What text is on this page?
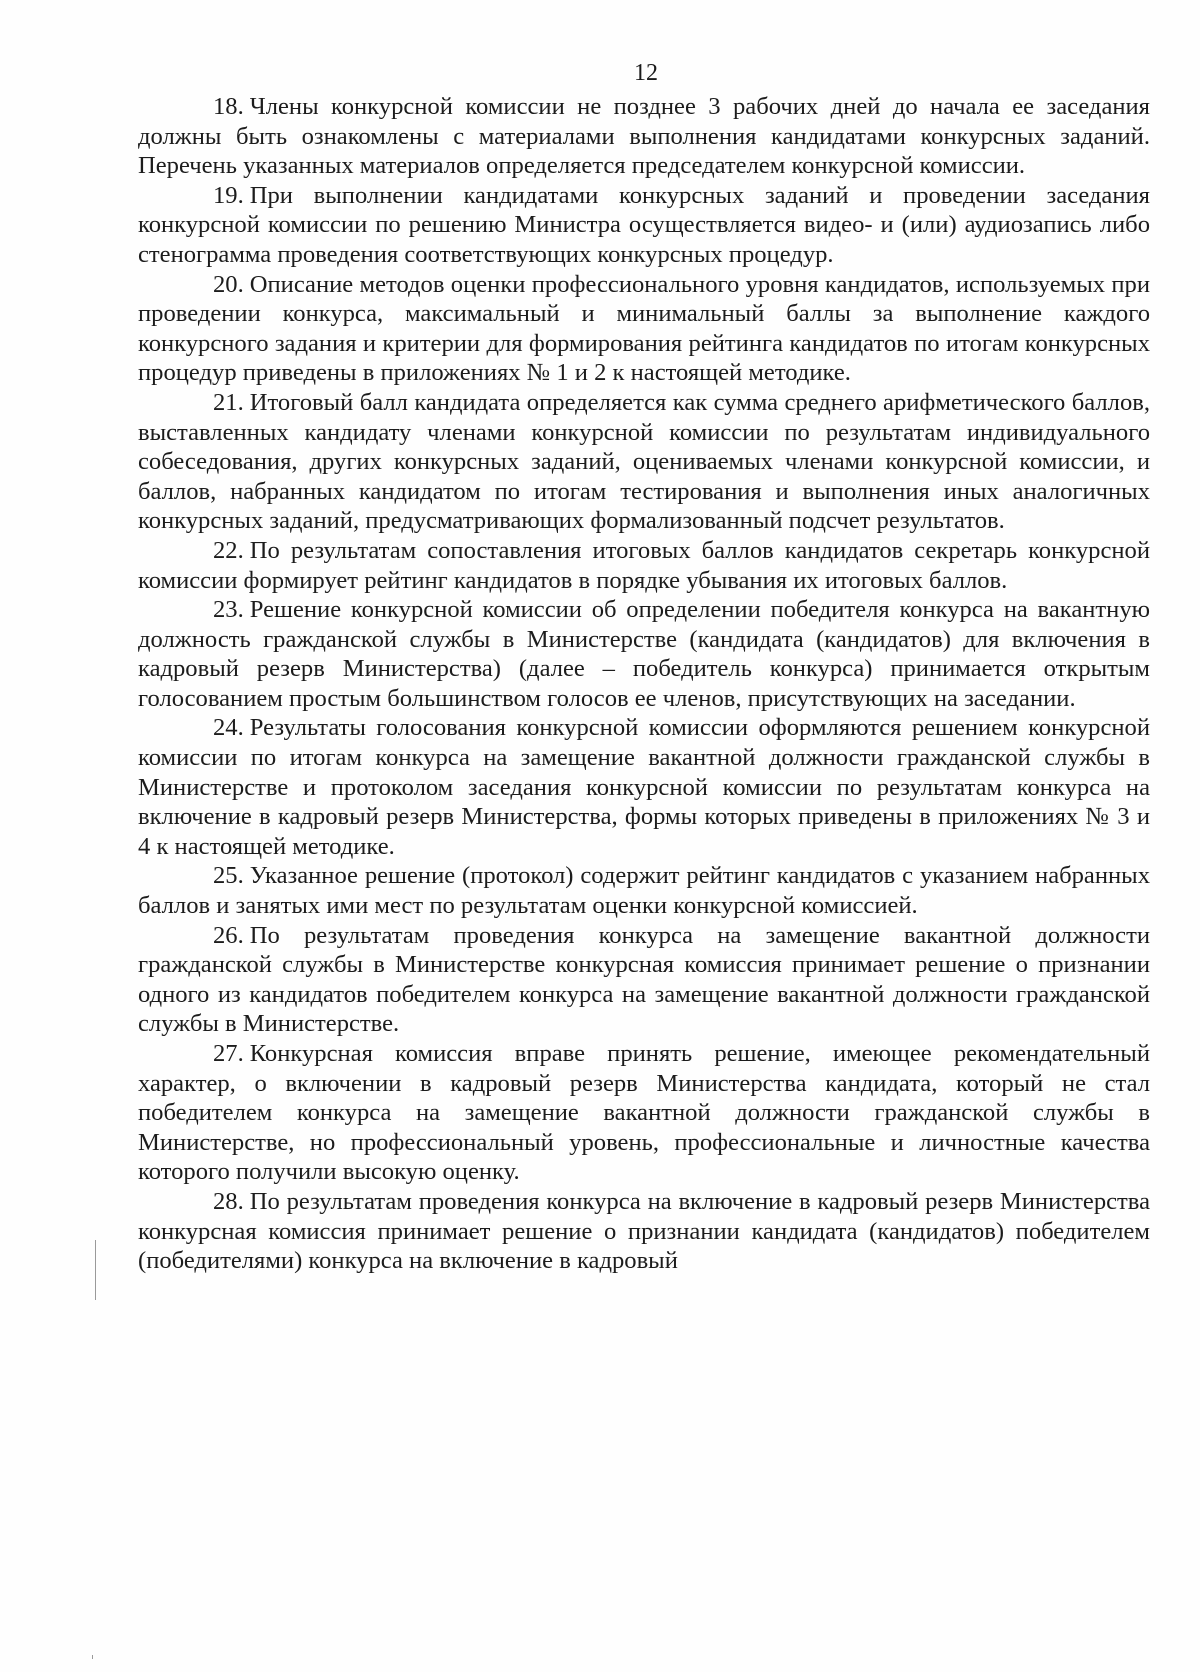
12

18. Члены конкурсной комиссии не позднее 3 рабочих дней до начала ее заседания должны быть ознакомлены с материалами выполнения кандидатами конкурсных заданий. Перечень указанных материалов определяется председателем конкурсной комиссии.

19. При выполнении кандидатами конкурсных заданий и проведении заседания конкурсной комиссии по решению Министра осуществляется видео- и (или) аудиозапись либо стенограмма проведения соответствующих конкурсных процедур.

20. Описание методов оценки профессионального уровня кандидатов, используемых при проведении конкурса, максимальный и минимальный баллы за выполнение каждого конкурсного задания и критерии для формирования рейтинга кандидатов по итогам конкурсных процедур приведены в приложениях № 1 и 2 к настоящей методике.

21. Итоговый балл кандидата определяется как сумма среднего арифметического баллов, выставленных кандидату членами конкурсной комиссии по результатам индивидуального собеседования, других конкурсных заданий, оцениваемых членами конкурсной комиссии, и баллов, набранных кандидатом по итогам тестирования и выполнения иных аналогичных конкурсных заданий, предусматривающих формализованный подсчет результатов.

22. По результатам сопоставления итоговых баллов кандидатов секретарь конкурсной комиссии формирует рейтинг кандидатов в порядке убывания их итоговых баллов.

23. Решение конкурсной комиссии об определении победителя конкурса на вакантную должность гражданской службы в Министерстве (кандидата (кандидатов) для включения в кадровый резерв Министерства) (далее – победитель конкурса) принимается открытым голосованием простым большинством голосов ее членов, присутствующих на заседании.

24. Результаты голосования конкурсной комиссии оформляются решением конкурсной комиссии по итогам конкурса на замещение вакантной должности гражданской службы в Министерстве и протоколом заседания конкурсной комиссии по результатам конкурса на включение в кадровый резерв Министерства, формы которых приведены в приложениях № 3 и 4 к настоящей методике.

25. Указанное решение (протокол) содержит рейтинг кандидатов с указанием набранных баллов и занятых ими мест по результатам оценки конкурсной комиссией.

26. По результатам проведения конкурса на замещение вакантной должности гражданской службы в Министерстве конкурсная комиссия принимает решение о признании одного из кандидатов победителем конкурса на замещение вакантной должности гражданской службы в Министерстве.

27. Конкурсная комиссия вправе принять решение, имеющее рекомендательный характер, о включении в кадровый резерв Министерства кандидата, который не стал победителем конкурса на замещение вакантной должности гражданской службы в Министерстве, но профессиональный уровень, профессиональные и личностные качества которого получили высокую оценку.

28. По результатам проведения конкурса на включение в кадровый резерв Министерства конкурсная комиссия принимает решение о признании кандидата (кандидатов) победителем (победителями) конкурса на включение в кадровый
